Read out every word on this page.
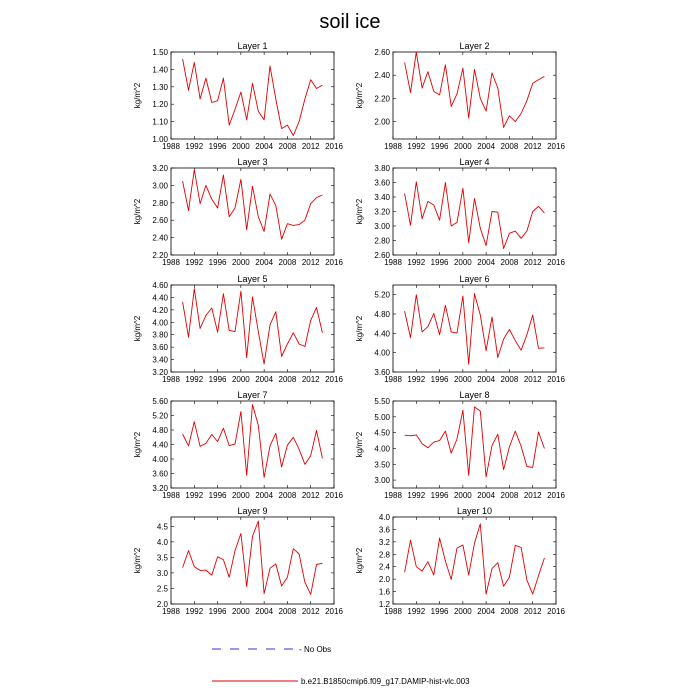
soil ice
Layer 1
kg/m^2
1988 1992 1996 2000 2004 2008 2012 2016
1.00
1.10
1.20
1.30
1.40
1.50
Layer 2
kg/m^2
1988 1992 1996 2000 2004 2008 2012 2016
2.00
2.20
2.40
2.60
Layer 3
kg/m^2
1988 1992 1996 2000 2004 2008 2012 2016
2.20
2.40
2.60
2.80
3.00
3.20
Layer 4
kg/m^2
1988 1992 1996 2000 2004 2008 2012 2016
2.60
2.80
3.00
3.20
3.40
3.60
3.80
Layer 5
kg/m^2
1988 1992 1996 2000 2004 2008 2012 2016
3.20
3.40
3.60
3.80
4.00
4.20
4.40
4.60
Layer 6
kg/m^2
1988 1992 1996 2000 2004 2008 2012 2016
3.60
4.00
4.40
4.80
5.20
Layer 7
kg/m^2
1988 1992 1996 2000 2004 2008 2012 2016
3.20
3.60
4.00
4.40
4.80
5.20
5.60
Layer 8
kg/m^2
1988 1992 1996 2000 2004 2008 2012 2016
3.00
3.50
4.00
4.50
5.00
5.50
Layer 9
kg/m^2
1988 1992 1996 2000 2004 2008 2012 2016
2.0
2.5
3.0
3.5
4.0
4.5
Layer 10
kg/m^2
1988 1992 1996 2000 2004 2008 2012 2016
1.2
1.6
2.0
2.4
2.8
3.2
3.6
4.0
- No Obs
b.e21.B1850cmip6.f09_g17.DAMIP-hist-vlc.003
